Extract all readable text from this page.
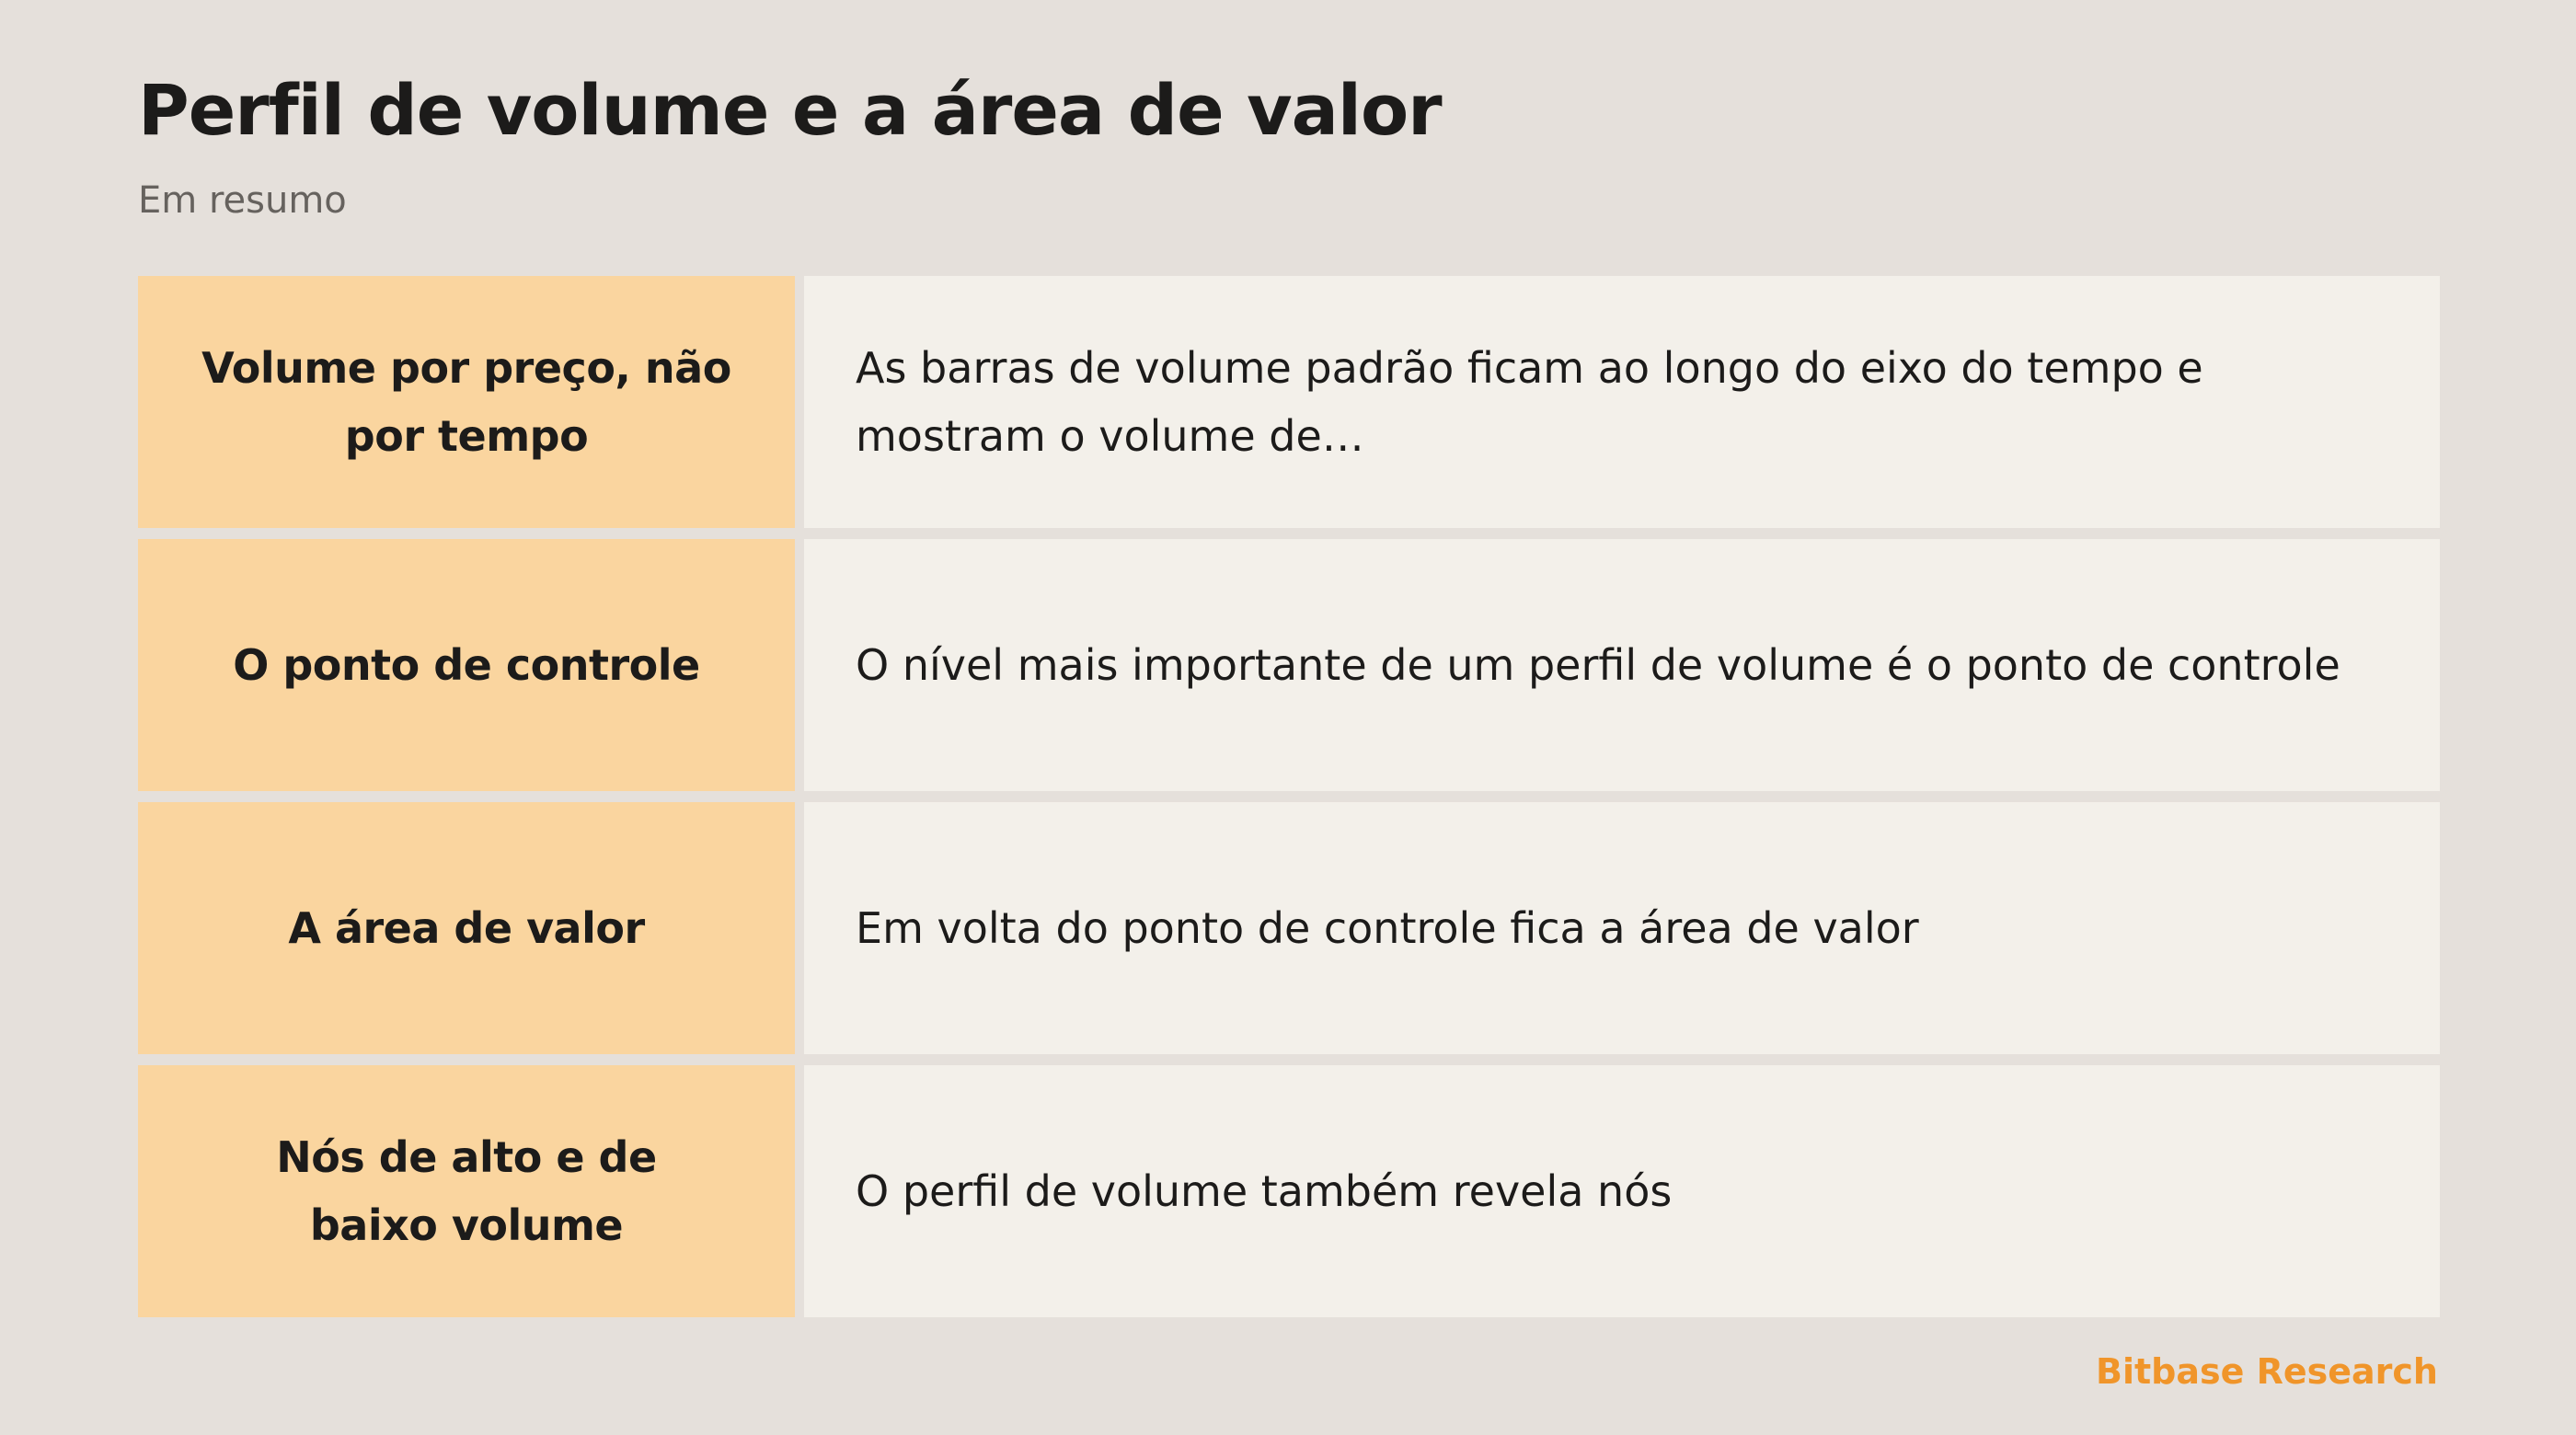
Perfil de volume e a área de valor

Em resumo

Volume por preço, não por tempo
As barras de volume padrão ficam ao longo do eixo do tempo e mostram o volume de…
O ponto de controle	O nível mais importante de um perfil de volume é o ponto de controle
A área de valor	Em volta do ponto de controle fica a área de valor
Nós de alto e de baixo volume
O perfil de volume também revela nós

Bitbase Research
